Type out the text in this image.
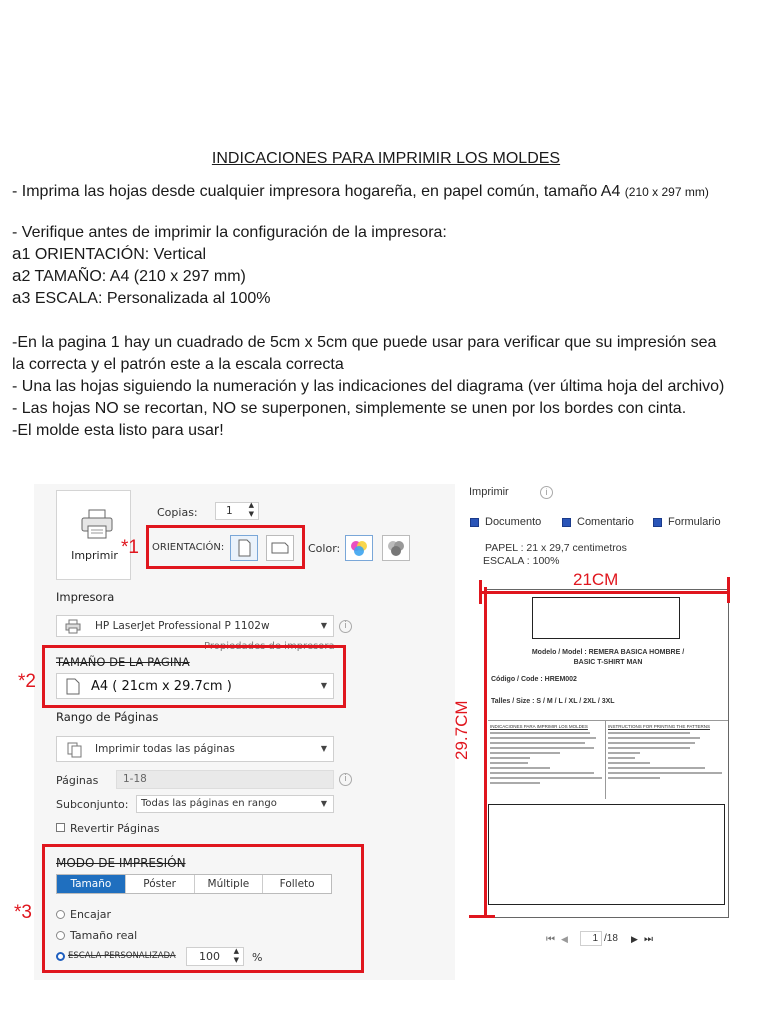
INDICACIONES PARA IMPRIMIR LOS MOLDES
- Imprima las hojas desde cualquier impresora hogareña, en papel común, tamaño A4 (210 x 297 mm)
- Verifique antes de imprimir la configuración de la impresora:
a1 ORIENTACIÓN: Vertical
a2 TAMAÑO: A4 (210 x 297 mm)
a3 ESCALA: Personalizada al 100%
-En la pagina 1 hay un cuadrado de 5cm x 5cm que puede usar para verificar que su impresión sea
la correcta y el patrón este a la escala correcta
- Una las hojas siguiendo la numeración y las indicaciones del diagrama (ver última hoja del archivo)
- Las hojas NO se recortan, NO se superponen, simplemente se unen por los bordes con cinta.
-El molde esta listo para usar!
Imprimir
Copias:	1 ▲
▼
ORIENTACIÓN:	Color:
Impresora
HP LaserJet Professional P 1102w	▼	i
Propiedades de impresora
TAMAÑO DE LA PAGINA
A4 ( 21cm x 29.7cm )	▼
Rango de Páginas
Imprimir todas las páginas	▼
Páginas	1-18	i
Subconjunto:	Todas las páginas en rango	▼
Revertir Páginas
MODO DE IMPRESIÓN
Tamaño	Póster	Múltiple	Folleto
Encajar
Tamaño real
ESCALA PERSONALIZADA	100 ▲
▼ %
*1
*2
*3
Imprimir	i
Documento	Comentario	Formulario
PAPEL : 21 x 29,7 centimetros
ESCALA : 100%
Modelo / Model : REMERA BASICA HOMBRE /
BASIC T-SHIRT MAN
Código / Code : HREM002
Talles / Size : S / M / L / XL / 2XL / 3XL
INDICACIONES PARA IMPRIMIR LOS MOLDES	INSTRUCTIONS FOR PRINTING THE PATTERNS
⏮ ◀	1 /18 ▶ ⏭
21CM
29.7CM
